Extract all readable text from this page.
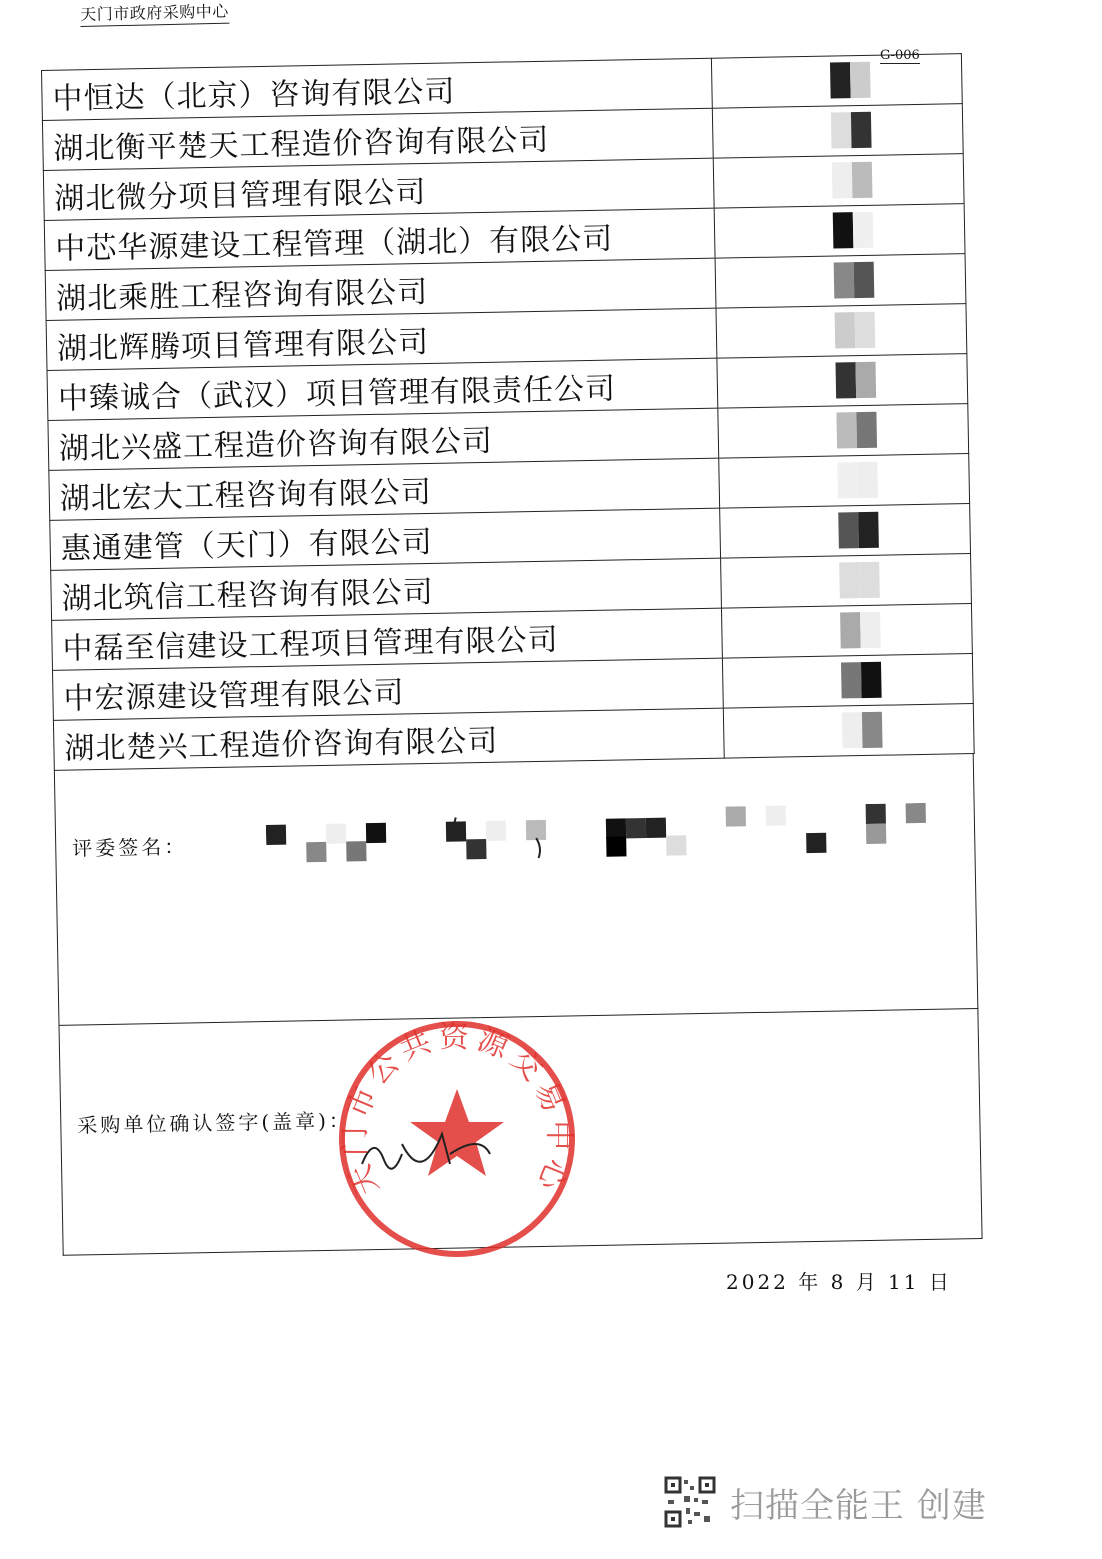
天门市政府采购中心
G-006
中恒达（北京）咨询有限公司	

湖北衡平楚天工程造价咨询有限公司	

湖北微分项目管理有限公司	

中芯华源建设工程管理（湖北）有限公司	

湖北乘胜工程咨询有限公司	

湖北辉腾项目管理有限公司	

中臻诚合（武汉）项目管理有限责任公司	

湖北兴盛工程造价咨询有限公司	

湖北宏大工程咨询有限公司	

惠通建管（天门）有限公司	

湖北筑信工程咨询有限公司	

中磊至信建设工程项目管理有限公司	

中宏源建设管理有限公司	

湖北楚兴工程造价咨询有限公司	
评委签名：
采购单位确认签字(盖章)：
天门市公共资源交易中心
2022 年 8 月 11 日
扫描全能王 创建
